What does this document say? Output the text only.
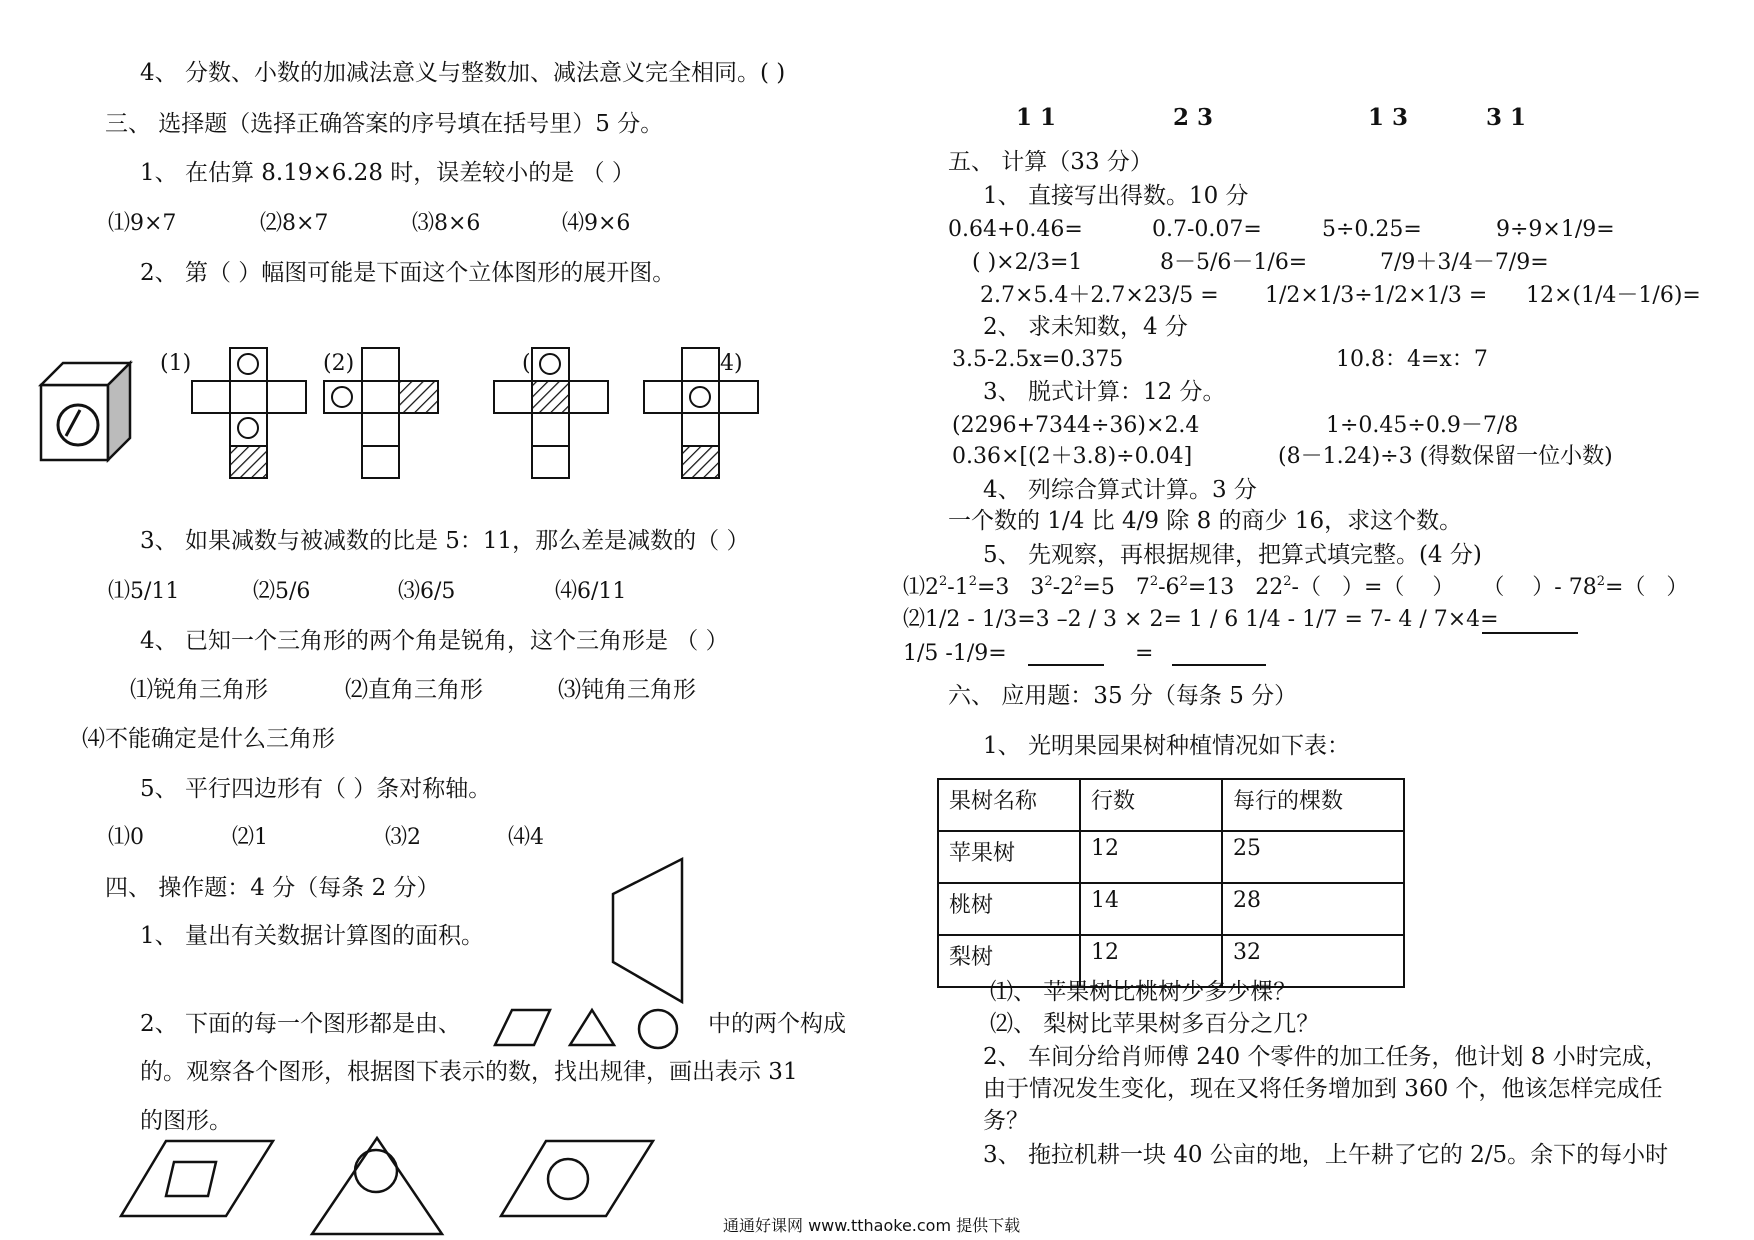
4、 分数、小数的加减法意义与整数加、减法意义完全相同。( )
三、 选择题（选择正确答案的序号填在括号里）5 分。
1、 在估算 8.19×6.28 时，误差较小的是 （ ）
⑴9×7	⑵8×7	⑶8×6	⑷9×6
2、 第（ ）幅图可能是下面这个立体图形的展开图。
(1)	(2)	(	4)
3、 如果减数与被减数的比是 5：11，那么差是减数的（ ）
⑴5/11	⑵5/6	⑶6/5	⑷6/11
4、 已知一个三角形的两个角是锐角，这个三角形是 （ ）
⑴锐角三角形	⑵直角三角形	⑶钝角三角形
⑷不能确定是什么三角形
5、 平行四边形有（ ）条对称轴。
⑴0	⑵1	⑶2	⑷4
四、 操作题：4 分（每条 2 分）
1、 量出有关数据计算图的面积。
2、 下面的每一个图形都是由、	中的两个构成
的。观察各个图形，根据图下表示的数，找出规律，画出表示 31
的图形。
1 1	2 3	1 3	3 1
五、 计算（33 分）
1、 直接写出得数。10 分
0.64+0.46=	0.7-0.07=	5÷0.25=	9÷9×1/9=
( )×2/3=1	8－5/6－1/6=	7/9＋3/4－7/9=
2.7×5.4＋2.7×23/5 = 1/2×1/3÷1/2×1/3 = 12×(1/4－1/6)=
2、 求未知数，4 分
3.5-2.5x=0.375	10.8：4=x：7
3、 脱式计算：12 分。
(2296+7344÷36)×2.4	1÷0.45÷0.9－7/8
0.36×[(2＋3.8)÷0.04]	(8－1.24)÷3 (得数保留一位小数)
4、 列综合算式计算。3 分
一个数的 1/4 比 4/9 除 8 的商少 16，求这个数。
5、 先观察，再根据规律，把算式填完整。(4 分)
$⑴2^2-1^2=3$   $3^2-2^2=5$   $7^2-6^2=13$   $22^2-$（   ）=（    ）    （    ）- $78^2=$（   ）
⑵1/2 - 1/3=3 –2 / 3 × 2= 1 / 6 1/4 - 1/7 = 7- 4 / 7×4=
1/5 -1/9=	=
六、 应用题：35 分（每条 5 分）
1、 光明果园果树种植情况如下表：
果树名称	行数	每行的棵数
苹果树	12	25
桃树	14	28
梨树	12	32
⑴、 苹果树比桃树少多少棵？
⑵、 梨树比苹果树多百分之几？
2、 车间分给肖师傅 240 个零件的加工任务，他计划 8 小时完成，
由于情况发生变化，现在又将任务增加到 360 个，他该怎样完成任
务？
3、 拖拉机耕一块 40 公亩的地，上午耕了它的 2/5。余下的每小时
通通好课网 www.tthaoke.com 提供下载
